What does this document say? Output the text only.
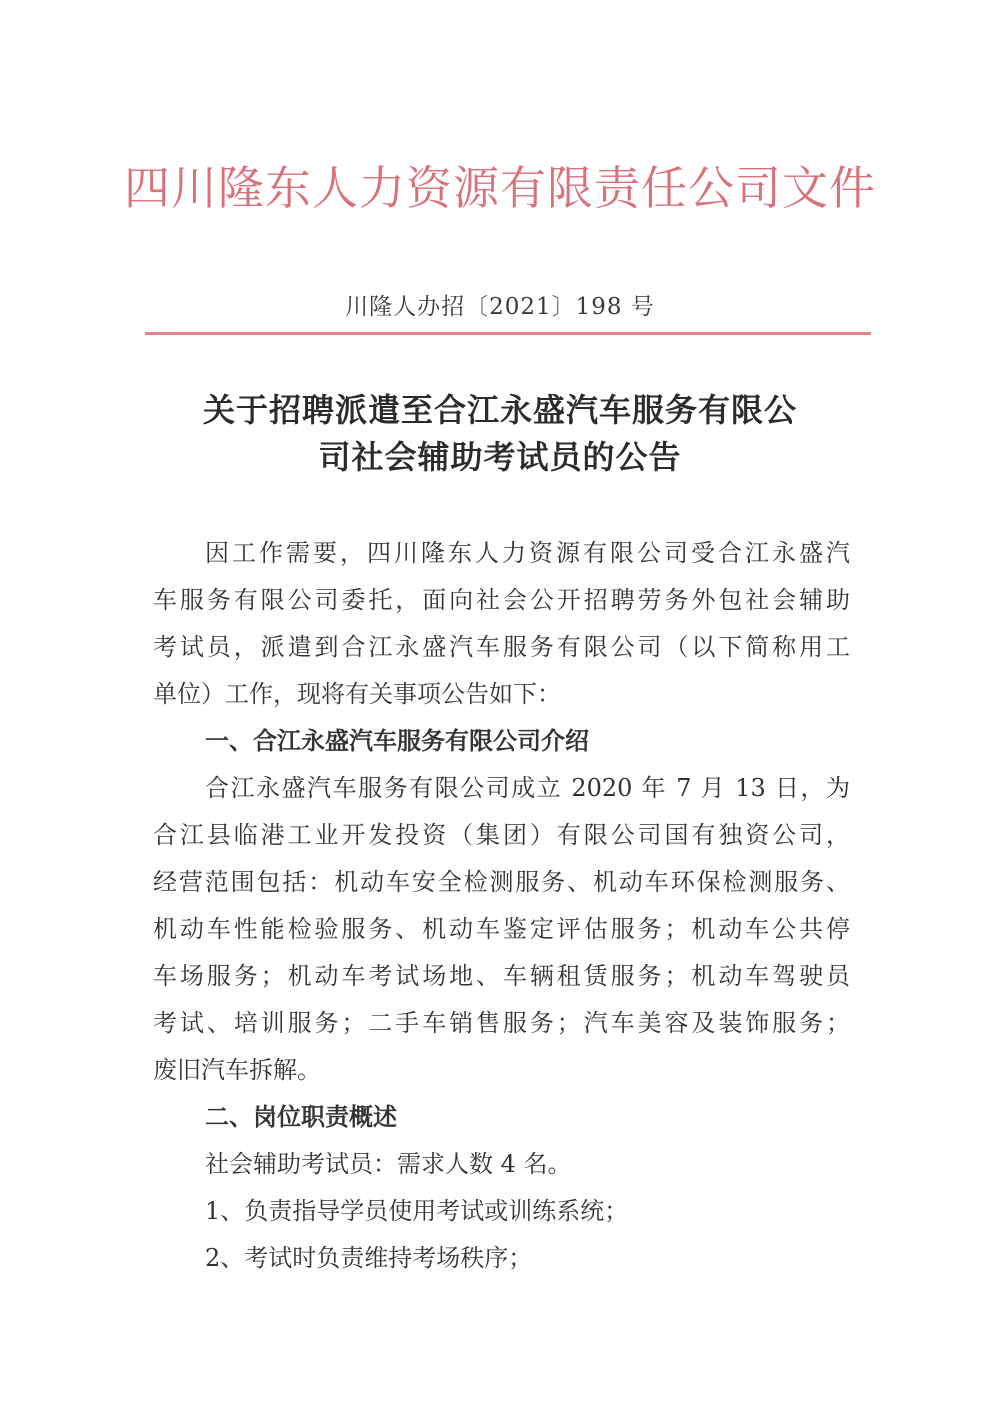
四川隆东人力资源有限责任公司文件
川隆人办招〔2021〕198 号
关于招聘派遣至合江永盛汽车服务有限公
司社会辅助考试员的公告
因工作需要，四川隆东人力资源有限公司受合江永盛汽
车服务有限公司委托，面向社会公开招聘劳务外包社会辅助
考试员，派遣到合江永盛汽车服务有限公司（以下简称用工
单位）工作，现将有关事项公告如下：
一、合江永盛汽车服务有限公司介绍
合江永盛汽车服务有限公司成立 2020 年 7 月 13 日，为
合江县临港工业开发投资（集团）有限公司国有独资公司，
经营范围包括：机动车安全检测服务、机动车环保检测服务、
机动车性能检验服务、机动车鉴定评估服务；机动车公共停
车场服务；机动车考试场地、车辆租赁服务；机动车驾驶员
考试、培训服务；二手车销售服务；汽车美容及装饰服务；
废旧汽车拆解。
二、岗位职责概述
社会辅助考试员：需求人数 4 名。
1、负责指导学员使用考试或训练系统；
2、考试时负责维持考场秩序；
